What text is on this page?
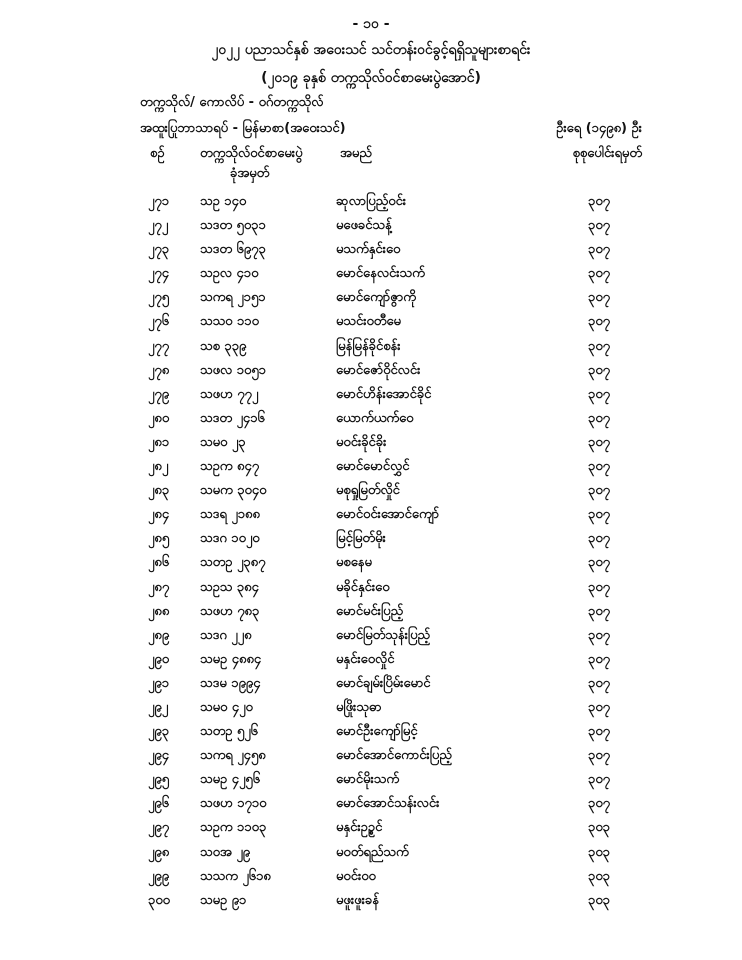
- ၁၀ -
၂၀၂၂ ပညာသင်နှစ် အဝေးသင် သင်တန်းဝင်ခွင့်ရရှိသူများစာရင်း
(၂၀၁၉ ခုနှစ် တက္ကသိုလ်ဝင်စာမေးပွဲအောင်)
တက္ကသိုလ်/ ကောလိပ် - ဝဂ်တက္ကသိုလ်
အထူးပြုဘာသာရပ် - မြန်မာစာ(အဝေးသင်)	ဦးရေ (၁၄၉၈) ဦး
စဉ်	တက္ကသိုလ်ဝင်စာမေးပွဲ
ခုံအမှတ်
အမည်	စုစုပေါင်းရမှတ်
၂၇၁ သဥ ၁၄၀	ဆုလာပြည့်ဝင်း	၃၀၇
၂၇၂ သဒတ ၅၀၃၁	မဖေခင်သန့်	၃၀၇
၂၇၃ သဒတ ၆၉၇၃	မသက်နှင်းဝေ	၃၀၇
၂၇၄ သဥလ ၄၁၀	မောင်နေလင်းသက်	၃၀၇
၂၇၅ သကရ ၂၁၅၁	မောင်ကျော်ဇွာကို	၃၀၇
၂၇၆ သသဝ ၁၁၀	မသင်းဝတီမေ	၃၀၇
၂၇၇ သစ ၃၃၉	မြန်မြန်ခိုင်စန်း	၃၀၇
၂၇၈ သဖလ ၁၀၅၁	မောင်ဇော်ဝိုင်လင်း	၃၀၇
၂၇၉ သဖဟ ၇၇၂	မောင်ဟိန်းအောင်ခိုင်	၃၀၇
၂၈၀ သဒတ ၂၄၁၆	ယောက်ယက်ဝေ	၃၀၇
၂၈၁ သမဝ ၂၃	မဝင်းခိုင်ခိုး	၃၀၇
၂၈၂ သဥက ၈၄၇	မောင်မောင်လွှင်	၃၀၇
၂၈၃ သမက ၃၀၄၀	မစုရှုမြတ်လှိုင်	၃၀၇
၂၈၄ သဒရ ၂၁၈၈	မောင်ဝင်းအောင်ကျော်	၃၀၇
၂၈၅ သဒဂ ၁၀၂၀	မြင့်မြတ်မိုး	၃၀၇
၂၈၆ သတဥ ၂၃၈၇	မစနေမ	၃၀၇
၂၈၇ သဥသ ၃၈၄	မခိုင်နှင်းဝေ	၃၀၇
၂၈၈ သဖဟ ၇၈၃	မောင်မင်းပြည့်	၃၀၇
၂၈၉ သဒဂ ၂၂၈	မောင်မြတ်သုန်းပြည့်	၃၀၇
၂၉၀ သမဥ ၄၈၈၄	မနှင်းဝေလှိုင်	၃၀၇
၂၉၁ သဒမ ၁၉၉၄	မောင်ချမ်းပြိမ်းမောင်	၃၀၇
၂၉၂ သမဝ ၄၂၀	မဖြိုးသုဓာ	၃၀၇
၂၉၃ သတဥ ၅၂၆	မောင်ဦးကျော်မြင့်	၃၀၇
၂၉၄ သကရ ၂၄၅၈	မောင်အောင်ကောင်းပြည့်	၃၀၇
၂၉၅ သမဥ ၄၂၅၆	မောင်မိုးသက်	၃၀၇
၂၉၆ သဖဟ ၁၇၁၀	မောင်အောင်သန်းလင်း	၃၀၇
၂၉၇ သဥက ၁၁၀၃	မနှင်းဥဉ္စင်	၃၀၃
၂၉၈ သဝအ ၂၉	မဝတ်ရည်သက်	၃၀၃
၂၉၉ သသက ၂၆၁၈	မဝင်းဝ၀	၃၀၃
၃၀၀ သမဥ ၉၁	မဖူးဖူးခန်	၃၀၃
